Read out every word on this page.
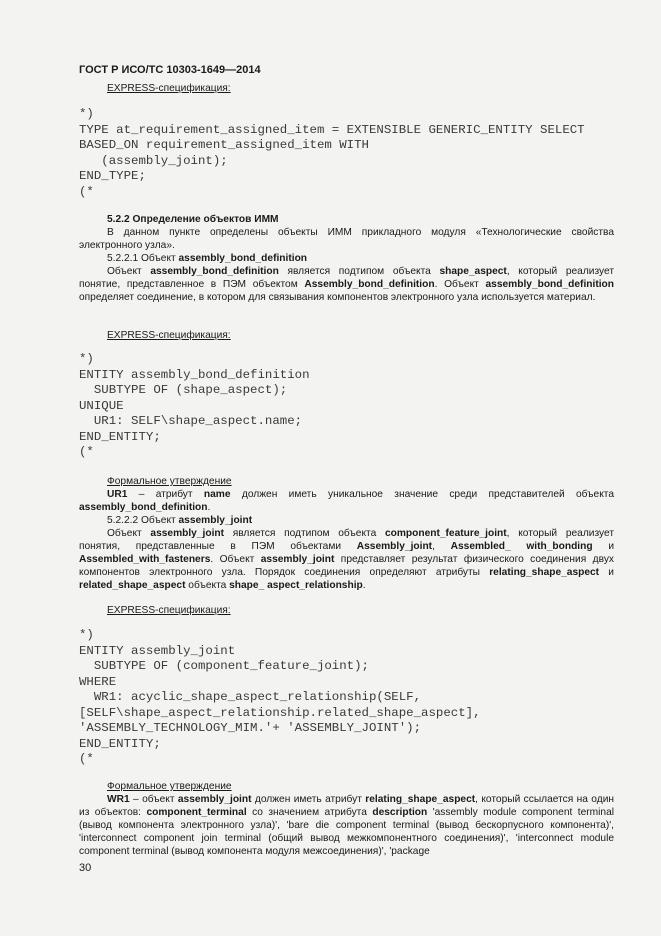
ГОСТ Р ИСО/ТС 10303-1649—2014
EXPRESS-спецификация:
*)
TYPE at_requirement_assigned_item = EXTENSIBLE GENERIC_ENTITY SELECT
BASED_ON requirement_assigned_item WITH
(assembly_joint);
END_TYPE;
(*
5.2.2 Определение объектов ИММ
В данном пункте определены объекты ИММ прикладного модуля «Технологические свойства электронного узла».
5.2.2.1 Объект assembly_bond_definition
Объект assembly_bond_definition является подтипом объекта shape_aspect, который реализует понятие, представленное в ПЭМ объектом Assembly_bond_definition. Объект assembly_bond_definition определяет соединение, в котором для связывания компонентов электронного узла используется материал.
EXPRESS-спецификация:
*)
ENTITY assembly_bond_definition
SUBTYPE OF (shape_aspect);
UNIQUE
UR1: SELF\shape_aspect.name;
END_ENTITY;
(*
Формальное утверждение
UR1 – атрибут name должен иметь уникальное значение среди представителей объекта assembly_bond_definition.
5.2.2.2 Объект assembly_joint
Объект assembly_joint является подтипом объекта component_feature_joint, который реализует понятия, представленные в ПЭМ объектами Assembly_joint, Assembled_ with_bonding и Assembled_with_fasteners. Объект assembly_joint представляет результат физического соединения двух компонентов электронного узла. Порядок соединения определяют атрибуты relating_shape_aspect и related_shape_aspect объекта shape_ aspect_relationship.
EXPRESS-спецификация:
*)
ENTITY assembly_joint
SUBTYPE OF (component_feature_joint);
WHERE
WR1: acyclic_shape_aspect_relationship(SELF,
[SELF\shape_aspect_relationship.related_shape_aspect],
'ASSEMBLY_TECHNOLOGY_MIM.'+ 'ASSEMBLY_JOINT');
END_ENTITY;
(*
Формальное утверждение
WR1 – объект assembly_joint должен иметь атрибут relating_shape_aspect, который ссылается на один из объектов: component_terminal со значением атрибута description 'assembly module component terminal (вывод компонента электронного узла)', 'bare die component terminal (вывод бескорпусного компонента)', 'interconnect component join terminal (общий вывод межкомпонентного соединения)', 'interconnect module component terminal (вывод компонента модуля межсоединения)', 'package
30
